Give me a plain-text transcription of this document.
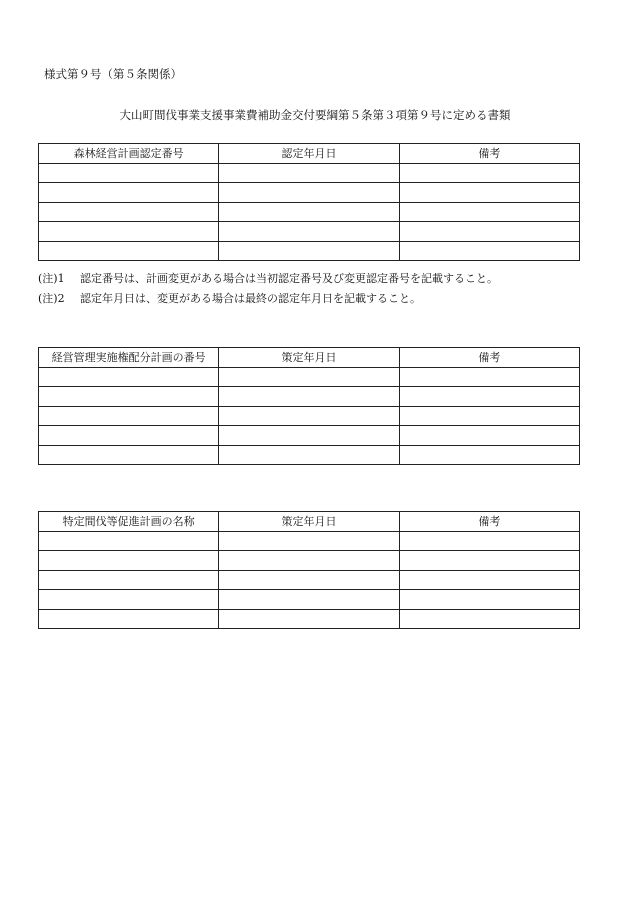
様式第９号（第５条関係）
大山町間伐事業支援事業費補助金交付要綱第５条第３項第９号に定める書類
森林経営計画認定番号	認定年月日	備考

(注)1 認定番号は、計画変更がある場合は当初認定番号及び変更認定番号を記載すること。
(注)2 認定年月日は、変更がある場合は最終の認定年月日を記載すること。
経営管理実施権配分計画の番号	策定年月日	備考

特定間伐等促進計画の名称	策定年月日	備考
